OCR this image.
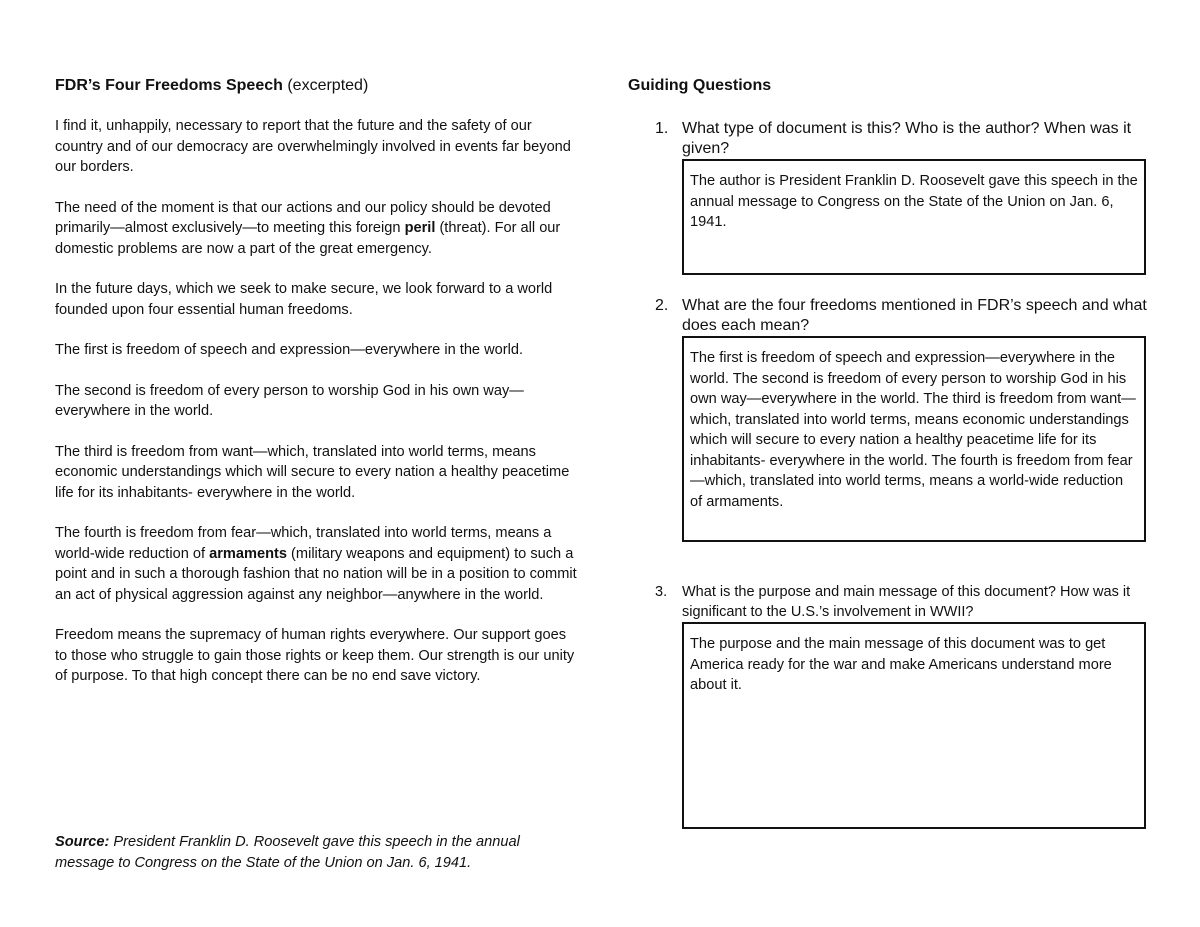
FDR’s Four Freedoms Speech (excerpted)

I find it, unhappily, necessary to report that the future and the safety of our country and of our democracy are overwhelmingly involved in events far beyond our borders.

The need of the moment is that our actions and our policy should be devoted primarily—almost exclusively—to meeting this foreign peril (threat). For all our domestic problems are now a part of the great emergency.

In the future days, which we seek to make secure, we look forward to a world founded upon four essential human freedoms.

The first is freedom of speech and expression—everywhere in the world.

The second is freedom of every person to worship God in his own way—everywhere in the world.

The third is freedom from want—which, translated into world terms, means economic understandings which will secure to every nation a healthy peacetime life for its inhabitants- everywhere in the world.

The fourth is freedom from fear—which, translated into world terms, means a world-wide reduction of armaments (military weapons and equipment) to such a point and in such a thorough fashion that no nation will be in a position to commit an act of physical aggression against any neighbor—anywhere in the world.

Freedom means the supremacy of human rights everywhere. Our support goes to those who struggle to gain those rights or keep them. Our strength is our unity of purpose. To that high concept there can be no end save victory.

Source: President Franklin D. Roosevelt gave this speech in the annual message to Congress on the State of the Union on Jan. 6, 1941.

Guiding Questions

1. What type of document is this? Who is the author? When was it given?
The author is President Franklin D. Roosevelt gave this speech in the annual message to Congress on the State of the Union on Jan. 6, 1941.
2. What are the four freedoms mentioned in FDR’s speech and what does each mean?
The first is freedom of speech and expression—everywhere in the world. The second is freedom of every person to worship God in his own way—everywhere in the world. The third is freedom from want—which, translated into world terms, means economic understandings which will secure to every nation a healthy peacetime life for its inhabitants- everywhere in the world. The fourth is freedom from fear—which, translated into world terms, means a world-wide reduction of armaments.
3.	What is the purpose and main message of this document? How was it significant to the U.S.’s involvement in WWII?
The purpose and the main message of this document was to get America ready for the war and make Americans understand more about it.
